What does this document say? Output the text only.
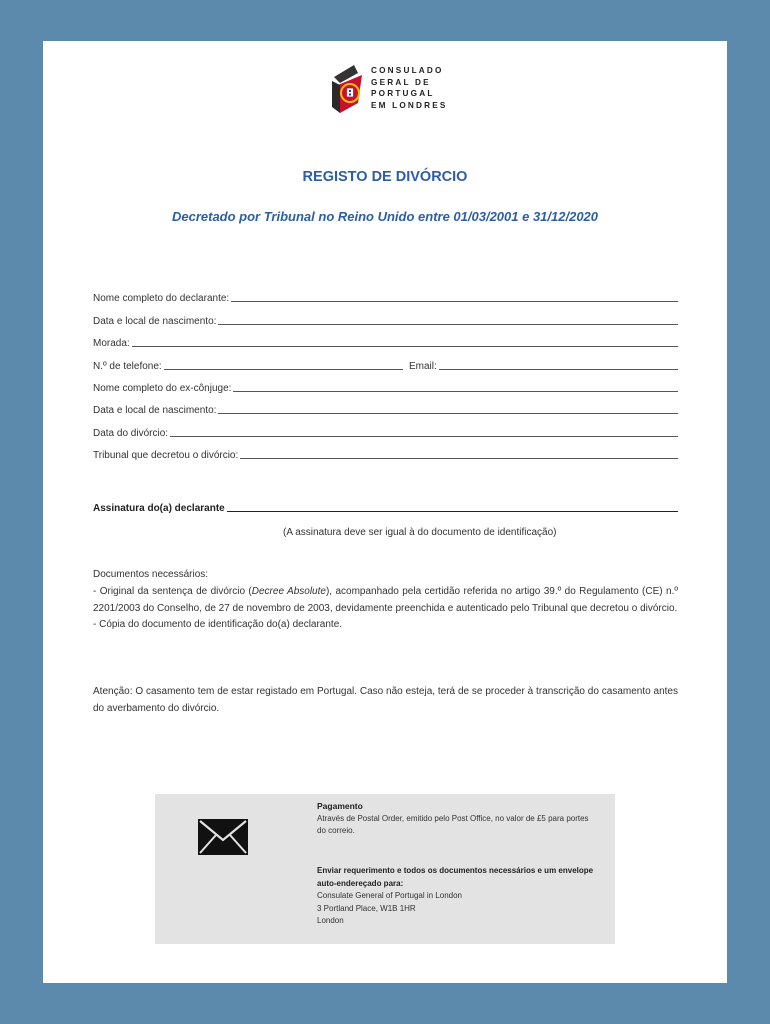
CONSULADO
GERAL DE
PORTUGAL
EM LONDRES
REGISTO DE DIVÓRCIO
Decretado por Tribunal no Reino Unido entre 01/03/2001 e 31/12/2020
Nome completo do declarante:
Data e local de nascimento:
Morada:
N.º de telefone:	Email:
Nome completo do ex-cônjuge:
Data e local de nascimento:
Data do divórcio:
Tribunal que decretou o divórcio:
Assinatura do(a) declarante
(A assinatura deve ser igual à do documento de identificação)

Documentos necessários:

- Original da sentença de divórcio (Decree Absolute), acompanhado pela certidão referida no artigo 39.º do Regulamento (CE) n.º 2201/2003 do Conselho, de 27 de novembro de 2003, devidamente preenchida e autenticado pelo Tribunal que decretou o divórcio.

- Cópia do documento de identificação do(a) declarante.

Atenção: O casamento tem de estar registado em Portugal. Caso não esteja, terá de se proceder à transcrição do casamento antes do averbamento do divórcio.
Pagamento
Através de Postal Order, emitido pelo Post Office, no valor de £5 para portes do correio.
Enviar requerimento e todos os documentos necessários e um envelope auto-endereçado para:
Consulate General of Portugal in London
3 Portland Place, W1B 1HR
London
